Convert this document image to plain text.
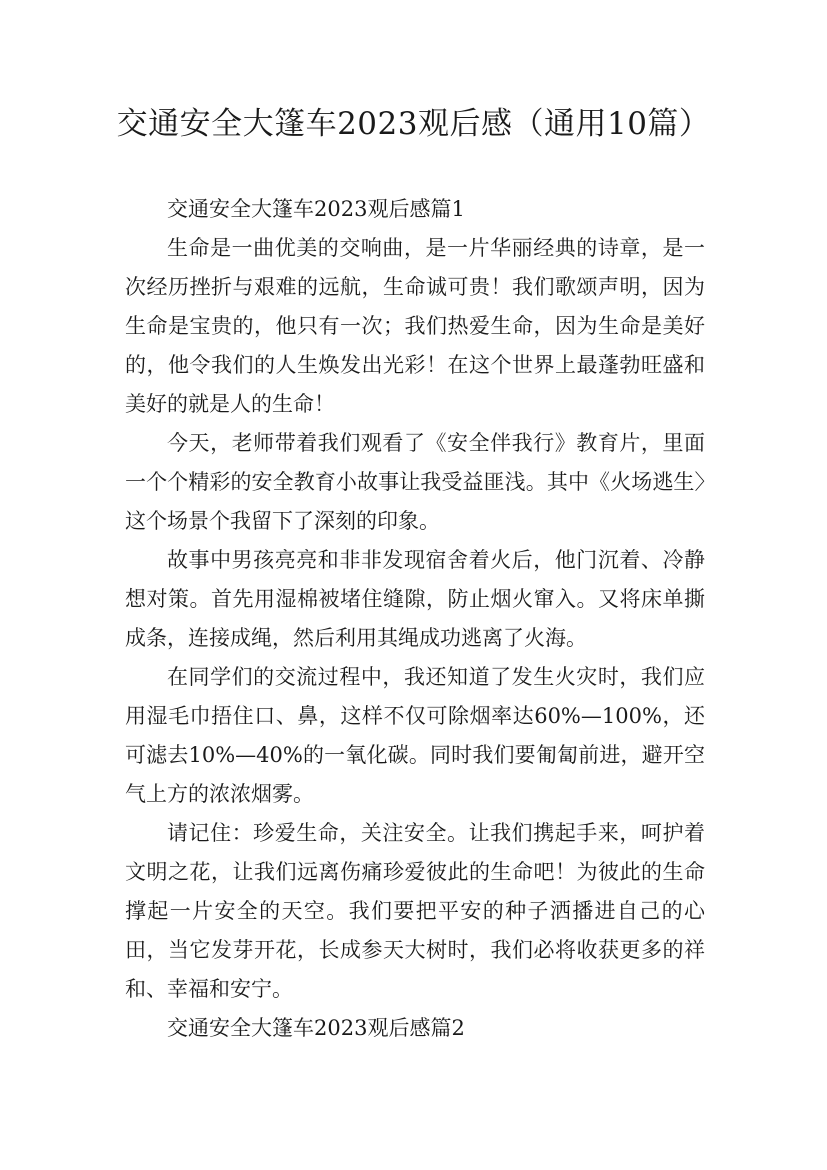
交通安全大篷车2023观后感（通用10篇）

交通安全大篷车2023观后感篇1

生命是一曲优美的交响曲，是一片华丽经典的诗章，是一次经历挫折与艰难的远航，生命诚可贵！我们歌颂声明，因为生命是宝贵的，他只有一次；我们热爱生命，因为生命是美好的，他令我们的人生焕发出光彩！在这个世界上最蓬勃旺盛和美好的就是人的生命！

今天，老师带着我们观看了《安全伴我行》教育片，里面一个个精彩的安全教育小故事让我受益匪浅。其中《火场逃生〉这个场景个我留下了深刻的印象。

故事中男孩亮亮和非非发现宿舍着火后，他门沉着、冷静想对策。首先用湿棉被堵住缝隙，防止烟火窜入。又将床单撕成条，连接成绳，然后利用其绳成功逃离了火海。

在同学们的交流过程中，我还知道了发生火灾时，我们应用湿毛巾捂住口、鼻，这样不仅可除烟率达60%—100%，还可滤去10%—40%的一氧化碳。同时我们要匍匐前进，避开空气上方的浓浓烟雾。

请记住：珍爱生命，关注安全。让我们携起手来，呵护着文明之花，让我们远离伤痛珍爱彼此的生命吧！为彼此的生命撑起一片安全的天空。我们要把平安的种子洒播进自己的心田，当它发芽开花，长成参天大树时，我们必将收获更多的祥和、幸福和安宁。

交通安全大篷车2023观后感篇2
